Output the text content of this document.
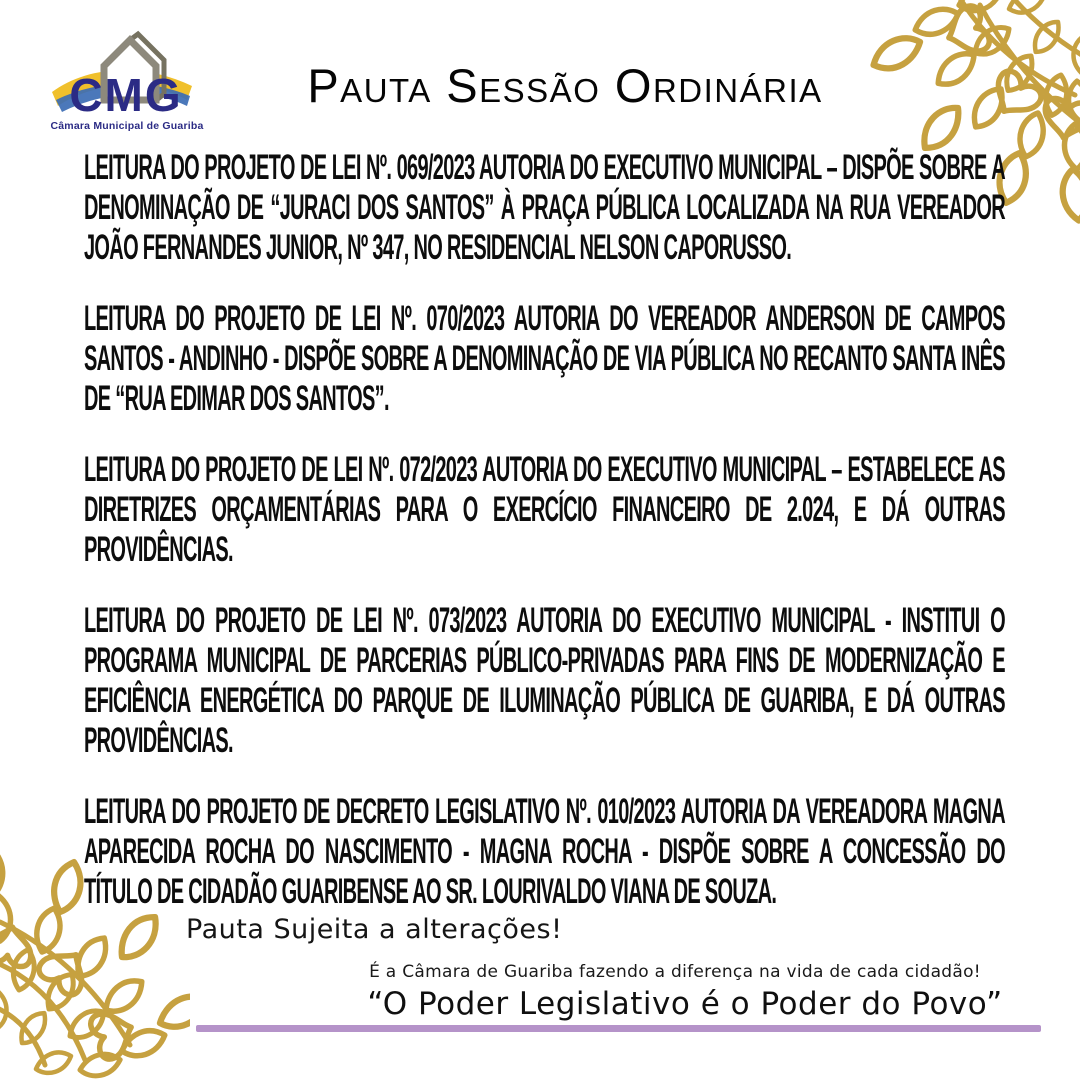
CMG
Câmara Municipal de Guariba
Pauta Sessão Ordinária

LEITURA DO PROJETO DE LEI Nº. 069/2023 AUTORIA DO EXECUTIVO MUNICIPAL – DISPÕE SOBRE A DENOMINAÇÃO DE “JURACI DOS SANTOS” À PRAÇA PÚBLICA LOCALIZADA NA RUA VEREADOR JOÃO FERNANDES JUNIOR, Nº 347, NO RESIDENCIAL NELSON CAPORUSSO.

LEITURA DO PROJETO DE LEI Nº. 070/2023 AUTORIA DO VEREADOR ANDERSON DE CAMPOS SANTOS - ANDINHO - DISPÕE SOBRE A DENOMINAÇÃO DE VIA PÚBLICA NO RECANTO SANTA INÊS DE “RUA EDIMAR DOS SANTOS”.

LEITURA DO PROJETO DE LEI Nº. 072/2023 AUTORIA DO EXECUTIVO MUNICIPAL – ESTABELECE AS DIRETRIZES ORÇAMENTÁRIAS PARA O EXERCÍCIO FINANCEIRO DE 2.024, E DÁ OUTRAS PROVIDÊNCIAS.

LEITURA DO PROJETO DE LEI Nº. 073/2023 AUTORIA DO EXECUTIVO MUNICIPAL - INSTITUI O PROGRAMA MUNICIPAL DE PARCERIAS PÚBLICO-PRIVADAS PARA FINS DE MODERNIZAÇÃO E EFICIÊNCIA ENERGÉTICA DO PARQUE DE ILUMINAÇÃO PÚBLICA DE GUARIBA, E DÁ OUTRAS PROVIDÊNCIAS.

LEITURA DO PROJETO DE DECRETO LEGISLATIVO Nº. 010/2023 AUTORIA DA VEREADORA MAGNA APARECIDA ROCHA DO NASCIMENTO - MAGNA ROCHA - DISPÕE SOBRE A CONCESSÃO DO TÍTULO DE CIDADÃO GUARIBENSE AO SR. LOURIVALDO VIANA DE SOUZA.

Pauta Sujeita a alterações!
É a Câmara de Guariba fazendo a diferença na vida de cada cidadão!
“O Poder Legislativo é o Poder do Povo”
